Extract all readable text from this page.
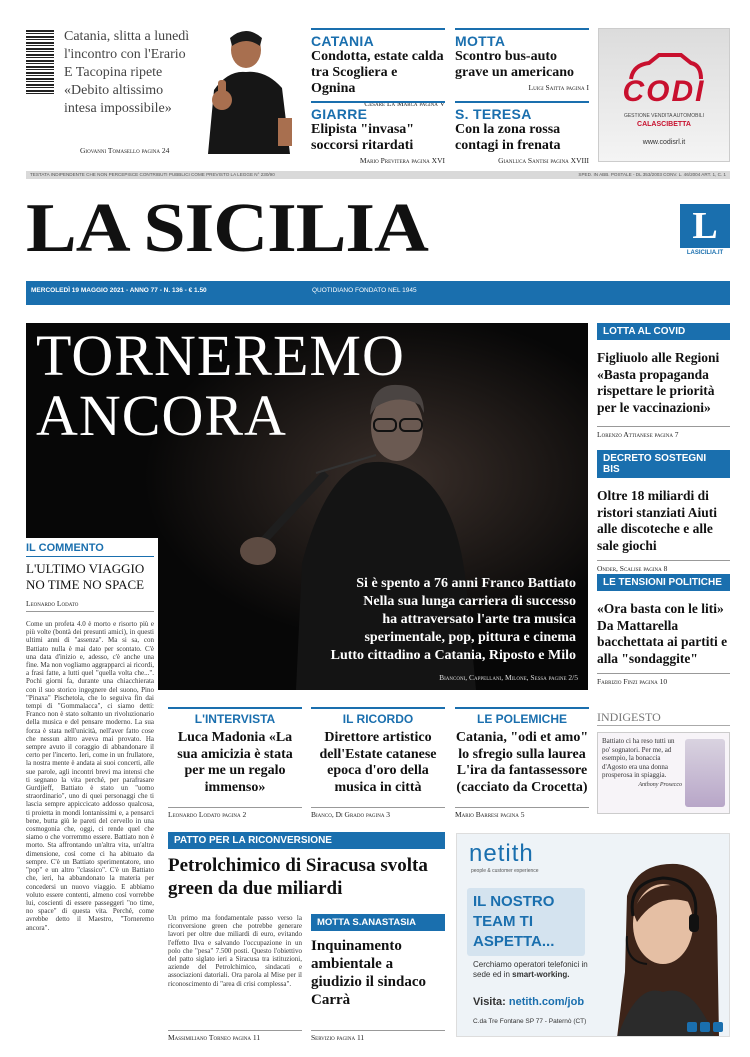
Catania, slitta a lunedì l'incontro con l'Erario E Tacopina ripete «Debito altissimo intesa impossibile»
Giovanni Tomasello pagina 24
CATANIA
Condotta, estate calda tra Scogliera e Ognina
Cesare La Marca pagina V
MOTTA
Scontro bus-auto grave un americano
Luigi Saitta pagina I
GIARRE
Elipista "invasa" soccorsi ritardati
Mario Previtera pagina XVI
S. TERESA
Con la zona rossa contagi in frenata
Gianluca Santisi pagina XVIII
CODI
GESTIONE VENDITA AUTOMOBILI
CALASCIBETTA
www.codisrl.it
TESTATA INDIPENDENTE CHE NON PERCEPISCE CONTRIBUTI PUBBLICI COME PREVISTO LA LEGGE N° 230/90	SPED. IN ABB. POSTALE - DL 353/2003 CONV. L. 46/2004 ART. 1, C. 1
LA SICILIA	L
LASICILIA.IT
MERCOLEDÌ 19 MAGGIO 2021 - ANNO 77 - N. 136 - € 1.50	QUOTIDIANO FONDATO NEL 1945
TORNEREMO
ANCORA
Si è spento a 76 anni Franco Battiato
Nella sua lunga carriera di successo
ha attraversato l'arte tra musica
sperimentale, pop, pittura e cinema
Lutto cittadino a Catania, Riposto e Milo
Bianconi, Cappellani, Milone, Sessa pagine 2/5
IL COMMENTO
L'ULTIMO VIAGGIO NO TIME NO SPACE
Leonardo Lodato
Come un profeta 4.0 è morto e risorto più e più volte (bontà dei presunti amici), in questi ultimi anni di "assenza". Ma si sa, con Battiato nulla è mai dato per scontato. C'è una data d'inizio e, adesso, c'è anche una fine. Ma non vogliamo aggrapparci ai ricordi, a frasi fatte, a lutti quel "quella volta che...". Pochi giorni fa, durante una chiacchierata con il suo storico ingegnere del suono, Pino "Pinaxa" Pischetola, che lo seguiva fin dai tempi di "Gommalacca", ci siamo detti: Franco non è stato soltanto un rivoluzionario della musica e del pensare moderno. La sua forza è stata nell'unicità, nell'aver fatto cose che nessun altro aveva mai provato. Ha sempre avuto il coraggio di abbandonare il certo per l'incerto. Ieri, come in un frullatore, la nostra mente è andata ai suoi concerti, alle sue parole, agli incontri brevi ma intensi che ti segnano la vita perché, per parafrasare Gurdjieff, Battiato è stato un "uomo straordinario", uno di quei personaggi che ti lascia sempre appiccicato addosso qualcosa, ti proietta in mondi lontanissimi e, a pensarci bene, butta giù le pareti del cervello in una cosmogonia che, oggi, ci rende quel che siamo o che vorremmo essere. Battiato non è morto. Sta affrontando un'altra vita, un'altra dimensione, così come ci ha abituato da sempre. C'è un Battiato sperimentatore, uno "pop" e un altro "classico". C'è un Battiato che, ieri, ha abbandonato la materia per concedersi un nuovo viaggio. E abbiamo voluto essere contenti, almeno così vorrebbe lui, coscienti di essere passeggeri "no time, no space" di questa vita. Perché, come avrebbe detto il Maestro, "Torneremo ancora".
LOTTA AL COVID
Figliuolo alle Regioni «Basta propaganda rispettare le priorità per le vaccinazioni»
Lorenzo Attianese pagina 7
DECRETO SOSTEGNI BIS
Oltre 18 miliardi di ristori stanziati Aiuti alle discoteche e alle sale giochi
Onder, Scalise pagina 8
LE TENSIONI POLITICHE
«Ora basta con le liti» Da Mattarella bacchettata ai partiti e alla "sondaggite"
Fabrizio Finzi pagina 10
INDIGESTO
Battiato ci ha reso tutti un po' sognatori. Per me, ad esempio, la bonaccia d'Agosto era una donna prosperosa in spiaggia.
Anthony Prosecco
L'INTERVISTA
Luca Madonia «La sua amicizia è stata per me un regalo immenso»
Leonardo Lodato pagina 2
IL RICORDO
Direttore artistico dell'Estate catanese epoca d'oro della musica in città
Bianco, Di Grado pagina 3
LE POLEMICHE
Catania, "odi et amo" lo sfregio sulla laurea L'ira da fantassessore (cacciato da Crocetta)
Mario Barresi pagina 5
PATTO PER LA RICONVERSIONE
Petrolchimico di Siracusa svolta green da due miliardi
Un primo ma fondamentale passo verso la riconversione green che potrebbe generare lavori per oltre due miliardi di euro, evitando l'effetto Ilva e salvando l'occupazione in un polo che "pesa" 7.500 posti. Questo l'obiettivo del patto siglato ieri a Siracusa tra istituzioni, aziende del Petrolchimico, sindacati e associazioni datoriali. Ora parola al Mise per il riconoscimento di "area di crisi complessa".
Massimiliano Torneo pagina 11
MOTTA S.ANASTASIA
Inquinamento ambientale a giudizio il sindaco Carrà
Servizio pagina 11
netith
people & customer experience
IL NOSTRO TEAM TI ASPETTA...
Cerchiamo operatori telefonici in sede ed in smart-working.
Visita: netith.com/job
C.da Tre Fontane SP 77 - Paternò (CT)
